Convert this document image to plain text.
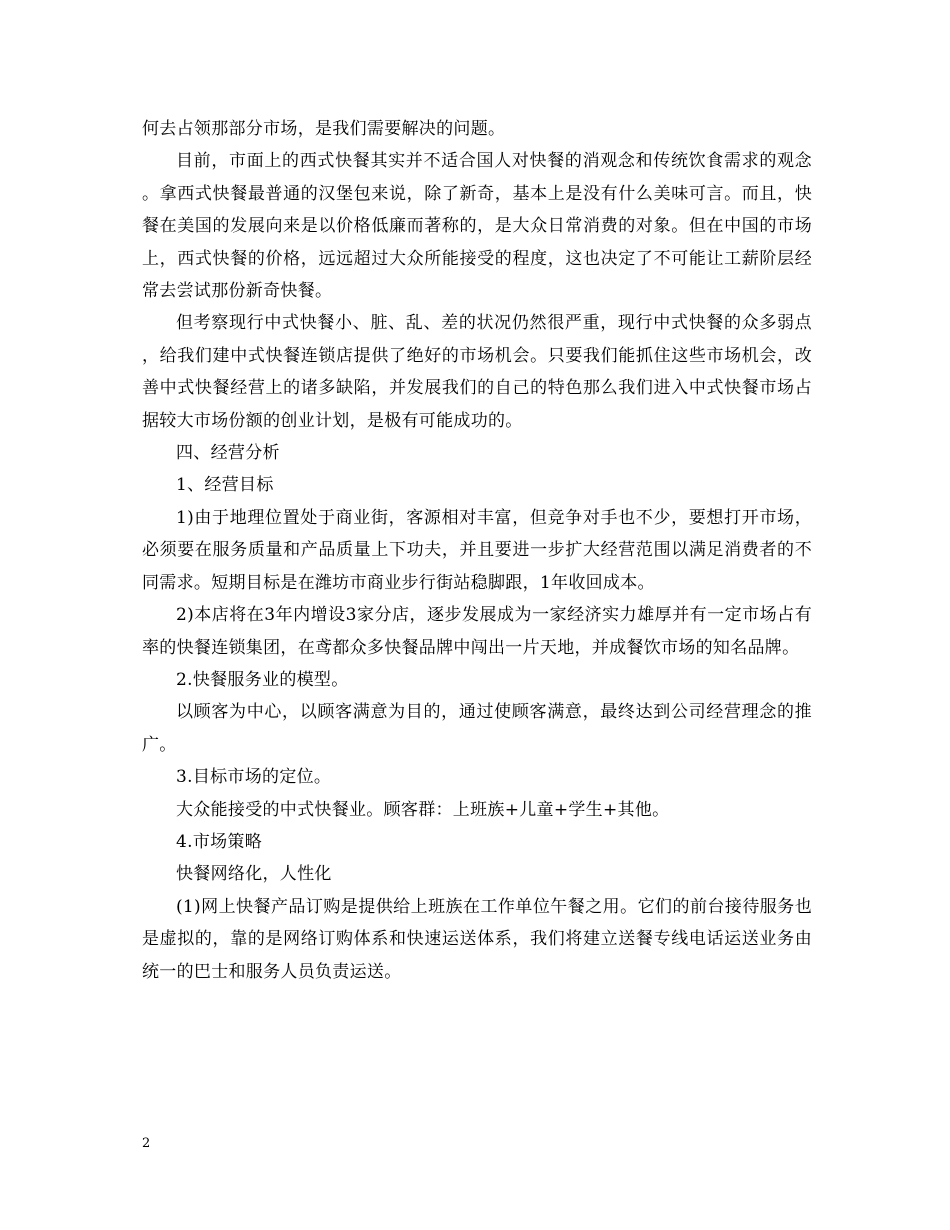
何去占领那部分市场，是我们需要解决的问题。

目前，市面上的西式快餐其实并不适合国人对快餐的消观念和传统饮食需求的观念。拿西式快餐最普通的汉堡包来说，除了新奇，基本上是没有什么美味可言。而且，快餐在美国的发展向来是以价格低廉而著称的，是大众日常消费的对象。但在中国的市场上，西式快餐的价格，远远超过大众所能接受的程度，这也决定了不可能让工薪阶层经常去尝试那份新奇快餐。

但考察现行中式快餐小、脏、乱、差的状况仍然很严重，现行中式快餐的众多弱点，给我们建中式快餐连锁店提供了绝好的市场机会。只要我们能抓住这些市场机会，改善中式快餐经营上的诸多缺陷，并发展我们的自己的特色那么我们进入中式快餐市场占据较大市场份额的创业计划，是极有可能成功的。

四、经营分析

1、经营目标

1)由于地理位置处于商业街，客源相对丰富，但竞争对手也不少，要想打开市场，必须要在服务质量和产品质量上下功夫，并且要进一步扩大经营范围以满足消费者的不同需求。短期目标是在潍坊市商业步行街站稳脚跟，1年收回成本。

2)本店将在3年内增设3家分店，逐步发展成为一家经济实力雄厚并有一定市场占有率的快餐连锁集团，在鸢都众多快餐品牌中闯出一片天地，并成餐饮市场的知名品牌。

2.快餐服务业的模型。

以顾客为中心，以顾客满意为目的，通过使顾客满意，最终达到公司经营理念的推广。

3.目标市场的定位。

大众能接受的中式快餐业。顾客群：上班族+儿童+学生+其他。

4.市场策略

快餐网络化，人性化

(1)网上快餐产品订购是提供给上班族在工作单位午餐之用。它们的前台接待服务也是虚拟的，靠的是网络订购体系和快速运送体系，我们将建立送餐专线电话运送业务由统一的巴士和服务人员负责运送。

2
